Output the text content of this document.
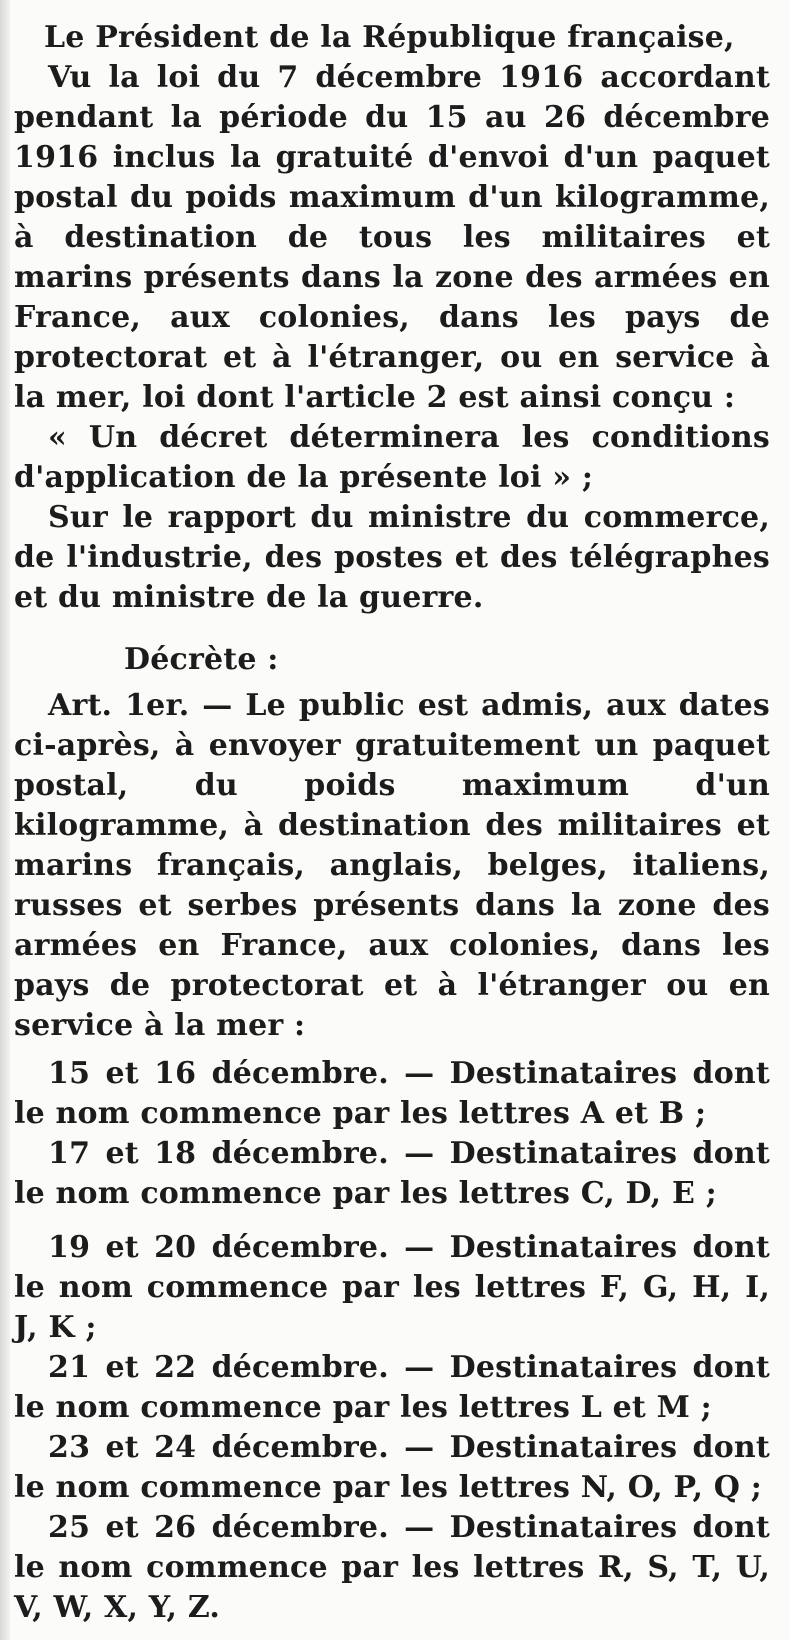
Le Président de la République française,

Vu la loi du 7 décembre 1916 accordant pendant la période du 15 au 26 décembre 1916 inclus la gratuité d'envoi d'un paquet postal du poids maximum d'un kilogramme, à destination de tous les militaires et marins présents dans la zone des armées en France, aux colonies, dans les pays de protectorat et à l'étranger, ou en service à la mer, loi dont l'article 2 est ainsi conçu :

« Un décret déterminera les conditions d'application de la présente loi » ;

Sur le rapport du ministre du commerce, de l'industrie, des postes et des télégraphes et du ministre de la guerre.

Décrète :

Art. 1er. — Le public est admis, aux dates ci-après, à envoyer gratuitement un paquet postal, du poids maximum d'un kilogramme, à destination des militaires et marins français, anglais, belges, italiens, russes et serbes présents dans la zone des armées en France, aux colonies, dans les pays de protectorat et à l'étranger ou en service à la mer :

15 et 16 décembre. — Destinataires dont le nom commence par les lettres A et B ;

17 et 18 décembre. — Destinataires dont le nom commence par les lettres C, D, E ;

19 et 20 décembre. — Destinataires dont le nom commence par les lettres F, G, H, I, J, K ;

21 et 22 décembre. — Destinataires dont le nom commence par les lettres L et M ;

23 et 24 décembre. — Destinataires dont le nom commence par les lettres N, O, P, Q ;

25 et 26 décembre. — Destinataires dont le nom commence par les lettres R, S, T, U, V, W, X, Y, Z.
